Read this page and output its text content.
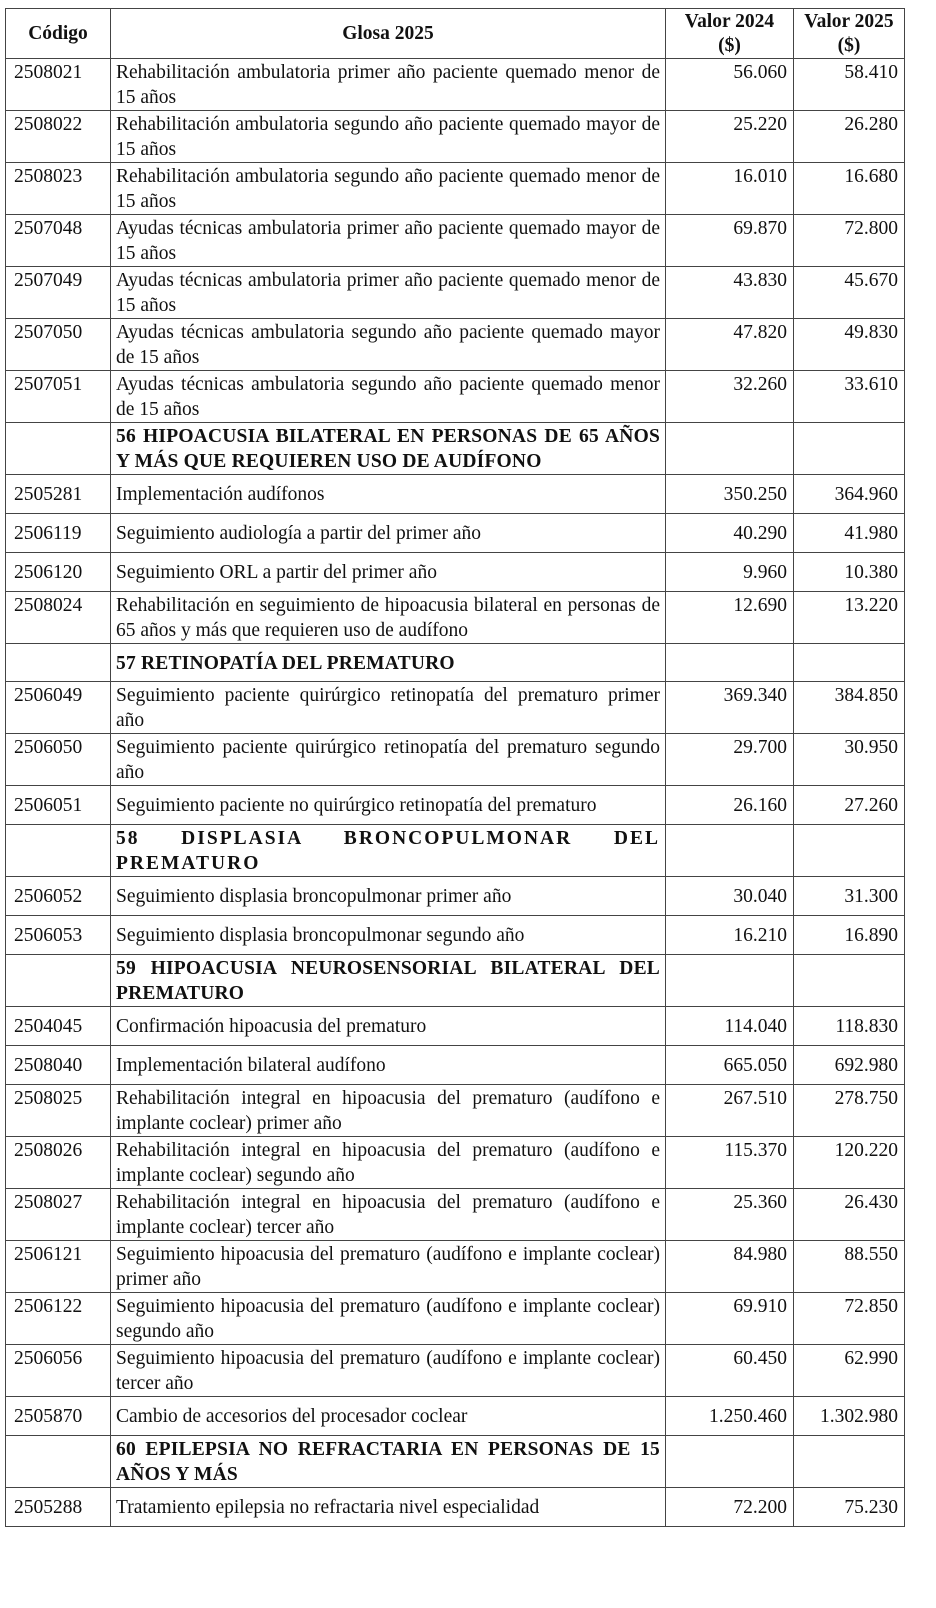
Código	Glosa 2025	Valor 2024 ($)	Valor 2025 ($)
2508021	Rehabilitación ambulatoria primer año paciente quemado menor de 15 años	56.060	58.410
2508022	Rehabilitación ambulatoria segundo año paciente quemado mayor de 15 años	25.220	26.280
2508023	Rehabilitación ambulatoria segundo año paciente quemado menor de 15 años	16.010	16.680
2507048	Ayudas técnicas ambulatoria primer año paciente quemado mayor de 15 años	69.870	72.800
2507049	Ayudas técnicas ambulatoria primer año paciente quemado menor de 15 años	43.830	45.670
2507050	Ayudas técnicas ambulatoria segundo año paciente quemado mayor de 15 años	47.820	49.830
2507051	Ayudas técnicas ambulatoria segundo año paciente quemado menor de 15 años	32.260	33.610
	56 HIPOACUSIA BILATERAL EN PERSONAS DE 65 AÑOS Y MÁS QUE REQUIEREN USO DE AUDÍFONO		
2505281	Implementación audífonos	350.250	364.960
2506119	Seguimiento audiología a partir del primer año	40.290	41.980
2506120	Seguimiento ORL a partir del primer año	9.960	10.380
2508024	Rehabilitación en seguimiento de hipoacusia bilateral en personas de 65 años y más que requieren uso de audífono	12.690	13.220
	57 RETINOPATÍA DEL PREMATURO		
2506049	Seguimiento paciente quirúrgico retinopatía del prematuro primer año	369.340	384.850
2506050	Seguimiento paciente quirúrgico retinopatía del prematuro segundo año	29.700	30.950
2506051	Seguimiento paciente no quirúrgico retinopatía del prematuro	26.160	27.260
	58 DISPLASIA BRONCOPULMONAR DEL PREMATURO		
2506052	Seguimiento displasia broncopulmonar primer año	30.040	31.300
2506053	Seguimiento displasia broncopulmonar segundo año	16.210	16.890
	59 HIPOACUSIA NEUROSENSORIAL BILATERAL DEL PREMATURO		
2504045	Confirmación hipoacusia del prematuro	114.040	118.830
2508040	Implementación bilateral audífono	665.050	692.980
2508025	Rehabilitación integral en hipoacusia del prematuro (audífono e implante coclear) primer año	267.510	278.750
2508026	Rehabilitación integral en hipoacusia del prematuro (audífono e implante coclear) segundo año	115.370	120.220
2508027	Rehabilitación integral en hipoacusia del prematuro (audífono e implante coclear) tercer año	25.360	26.430
2506121	Seguimiento hipoacusia del prematuro (audífono e implante coclear) primer año	84.980	88.550
2506122	Seguimiento hipoacusia del prematuro (audífono e implante coclear) segundo año	69.910	72.850
2506056	Seguimiento hipoacusia del prematuro (audífono e implante coclear) tercer año	60.450	62.990
2505870	Cambio de accesorios del procesador coclear	1.250.460	1.302.980
	60 EPILEPSIA NO REFRACTARIA EN PERSONAS DE 15 AÑOS Y MÁS		
2505288	Tratamiento epilepsia no refractaria nivel especialidad	72.200	75.230
